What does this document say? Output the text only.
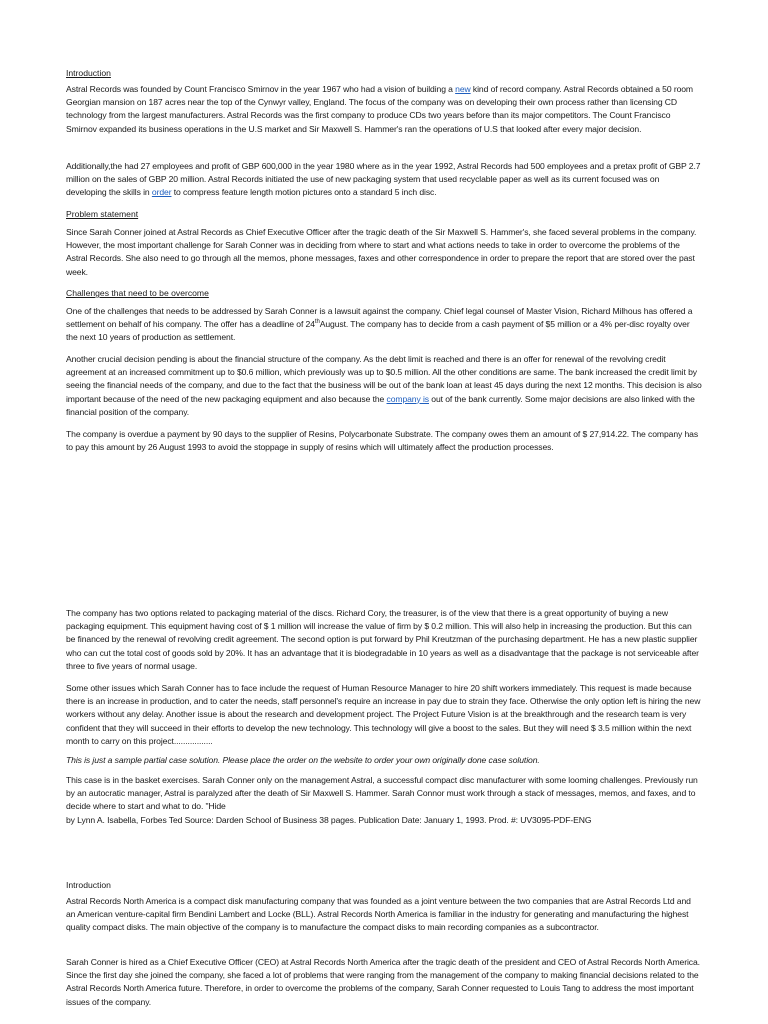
Introduction
Astral Records was founded by Count Francisco Smirnov in the year 1967 who had a vision of building a new kind of record company. Astral Records obtained a 50 room Georgian mansion on 187 acres near the top of the Cynwyr valley, England. The focus of the company was on developing their own process rather than licensing CD technology from the largest manufacturers. Astral Records was the first company to produce CDs two years before than its major competitors. The Count Francisco Smirnov expanded its business operations in the U.S market and Sir Maxwell S. Hammer's ran the operations of U.S that looked after every major decision.
Additionally,the had 27 employees and profit of GBP 600,000 in the year 1980 where as in the year 1992, Astral Records had 500 employees and a pretax profit of GBP 2.7 million on the sales of GBP 20 million. Astral Records initiated the use of new packaging system that used recyclable paper as well as its current focused was on developing the skills in order to compress feature length motion pictures onto a standard 5 inch disc.
Problem statement
Since Sarah Conner joined at Astral Records as Chief Executive Officer after the tragic death of the Sir Maxwell S. Hammer's, she faced several problems in the company. However, the most important challenge for Sarah Conner was in deciding from where to start and what actions needs to take in order to overcome the problems of the Astral Records. She also need to go through all the memos, phone messages, faxes and other correspondence in order to prepare the report that are stored over the past week.
Challenges that need to be overcome
One of the challenges that needs to be addressed by Sarah Conner is a lawsuit against the company. Chief legal counsel of Master Vision, Richard Milhous has offered a settlement on behalf of his company. The offer has a deadline of 24thAugust. The company has to decide from a cash payment of $5 million or a 4% per-disc royalty over the next 10 years of production as settlement.
Another crucial decision pending is about the financial structure of the company. As the debt limit is reached and there is an offer for renewal of the revolving credit agreement at an increased commitment up to $0.6 million, which previously was up to $0.5 million. All the other conditions are same. The bank increased the credit limit by seeing the financial needs of the company, and due to the fact that the business will be out of the bank loan at least 45 days during the next 12 months. This decision is also important because of the need of the new packaging equipment and also because the company is out of the bank currently. Some major decisions are also linked with the financial position of the company.
The company is overdue a payment by 90 days to the supplier of Resins, Polycarbonate Substrate. The company owes them an amount of $ 27,914.22. The company has to pay this amount by 26 August 1993 to avoid the stoppage in supply of resins which will ultimately affect the production processes.
The company has two options related to packaging material of the discs. Richard Cory, the treasurer, is of the view that there is a great opportunity of buying a new packaging equipment. This equipment having cost of $ 1 million will increase the value of firm by $ 0.2 million. This will also help in increasing the production. But this can be financed by the renewal of revolving credit agreement. The second option is put forward by Phil Kreutzman of the purchasing department. He has a new plastic supplier who can cut the total cost of goods sold by 20%. It has an advantage that it is biodegradable in 10 years as well as a disadvantage that the package is not serviceable after three to five years of normal usage.
Some other issues which Sarah Conner has to face include the request of Human Resource Manager to hire 20 shift workers immediately. This request is made because there is an increase in production, and to cater the needs, staff personnel's require an increase in pay due to strain they face. Otherwise the only option left is hiring the new workers without any delay. Another issue is about the research and development project. The Project Future Vision is at the breakthrough and the research team is very confident that they will succeed in their efforts to develop the new technology. This technology will give a boost to the sales. But they will need $ 3.5 million within the next month to carry on this project.................
This is just a sample partial case solution. Please place the order on the website to order your own originally done case solution.
This case is in the basket exercises. Sarah Conner only on the management Astral, a successful compact disc manufacturer with some looming challenges. Previously run by an autocratic manager, Astral is paralyzed after the death of Sir Maxwell S. Hammer. Sarah Connor must work through a stack of messages, memos, and faxes, and to decide where to start and what to do. "Hide
by Lynn A. Isabella, Forbes Ted Source: Darden School of Business 38 pages. Publication Date: January 1, 1993. Prod. #: UV3095-PDF-ENG
Introduction
Astral Records North America is a compact disk manufacturing company that was founded as a joint venture between the two companies that are Astral Records Ltd and an American venture-capital firm Bendini Lambert and Locke (BLL). Astral Records North America is familiar in the industry for generating and manufacturing the highest quality compact disks. The main objective of the company is to manufacture the compact disks to main recording companies as a subcontractor.
Sarah Conner is hired as a Chief Executive Officer (CEO) at Astral Records North America after the tragic death of the president and CEO of Astral Records North America. Since the first day she joined the company, she faced a lot of problems that were ranging from the management of the company to making financial decisions related to the Astral Records North America future. Therefore, in order to overcome the problems of the company, Sarah Conner requested to Louis Tang to address the most important issues of the company.
